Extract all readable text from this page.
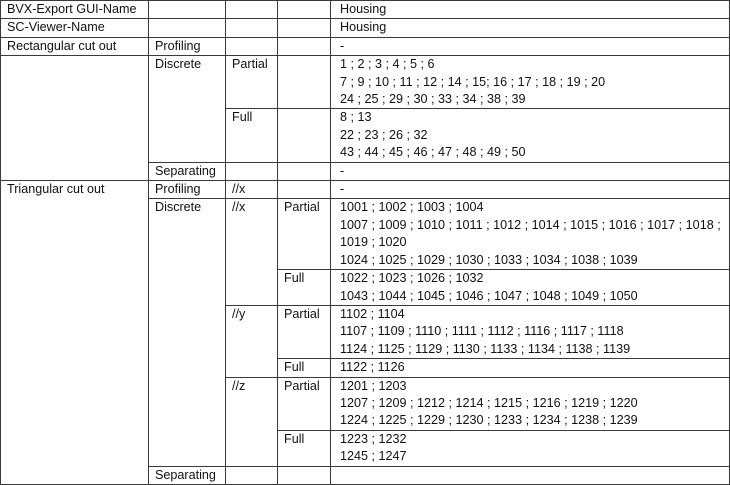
BVX-Export GUI-Name				Housing
SC-Viewer-Name				Housing
Rectangular cut out	Profiling			-
	Discrete	Partial		1 ; 2 ; 3 ; 4 ; 5 ; 6
7 ; 9 ; 10 ; 11 ; 12 ; 14 ; 15; 16 ; 17 ; 18 ; 19 ; 20
24 ; 25 ; 29 ; 30 ; 33 ; 34 ; 38 ; 39

		Full		8 ; 13
22 ; 23 ; 26 ; 32
43 ; 44 ; 45 ; 46 ; 47 ; 48 ; 49 ; 50

	Separating			-
Triangular cut out	Profiling	//x		-
	Discrete	//x	Partial	1001 ; 1002 ; 1003 ; 1004
1007 ; 1009 ; 1010 ; 1011 ; 1012 ; 1014 ; 1015 ; 1016 ; 1017 ; 1018 ;
1019 ; 1020
1024 ; 1025 ; 1029 ; 1030 ; 1033 ; 1034 ; 1038 ; 1039

			Full	1022 ; 1023 ; 1026 ; 1032
1043 ; 1044 ; 1045 ; 1046 ; 1047 ; 1048 ; 1049 ; 1050

		//y	Partial	1102 ; 1104
1107 ; 1109 ; 1110 ; 1111 ; 1112 ; 1116 ; 1117 ; 1118
1124 ; 1125 ; 1129 ; 1130 ; 1133 ; 1134 ; 1138 ; 1139

			Full	1122 ; 1126

		//z	Partial	1201 ; 1203
1207 ; 1209 ; 1212 ; 1214 ; 1215 ; 1216 ; 1219 ; 1220
1224 ; 1225 ; 1229 ; 1230 ; 1233 ; 1234 ; 1238 ; 1239

			Full	1223 ; 1232
1245 ; 1247

	Separating			
